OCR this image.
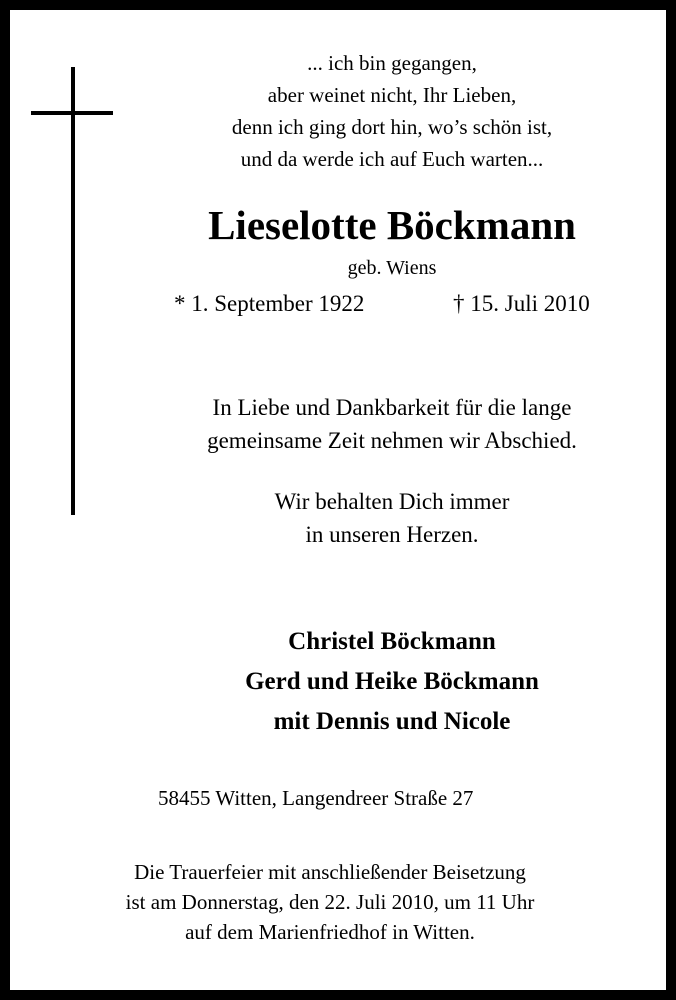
... ich bin gegangen,
aber weinet nicht, Ihr Lieben,
denn ich ging dort hin, wo’s schön ist,
und da werde ich auf Euch warten...
Lieselotte Böckmann
geb. Wiens
* 1. September 1922	† 15. Juli 2010
In Liebe und Dankbarkeit für die lange
gemeinsame Zeit nehmen wir Abschied.
Wir behalten Dich immer
in unseren Herzen.
Christel Böckmann
Gerd und Heike Böckmann
mit Dennis und Nicole
58455 Witten, Langendreer Straße 27
Die Trauerfeier mit anschließender Beisetzung
ist am Donnerstag, den 22. Juli 2010, um 11 Uhr
auf dem Marienfriedhof in Witten.
